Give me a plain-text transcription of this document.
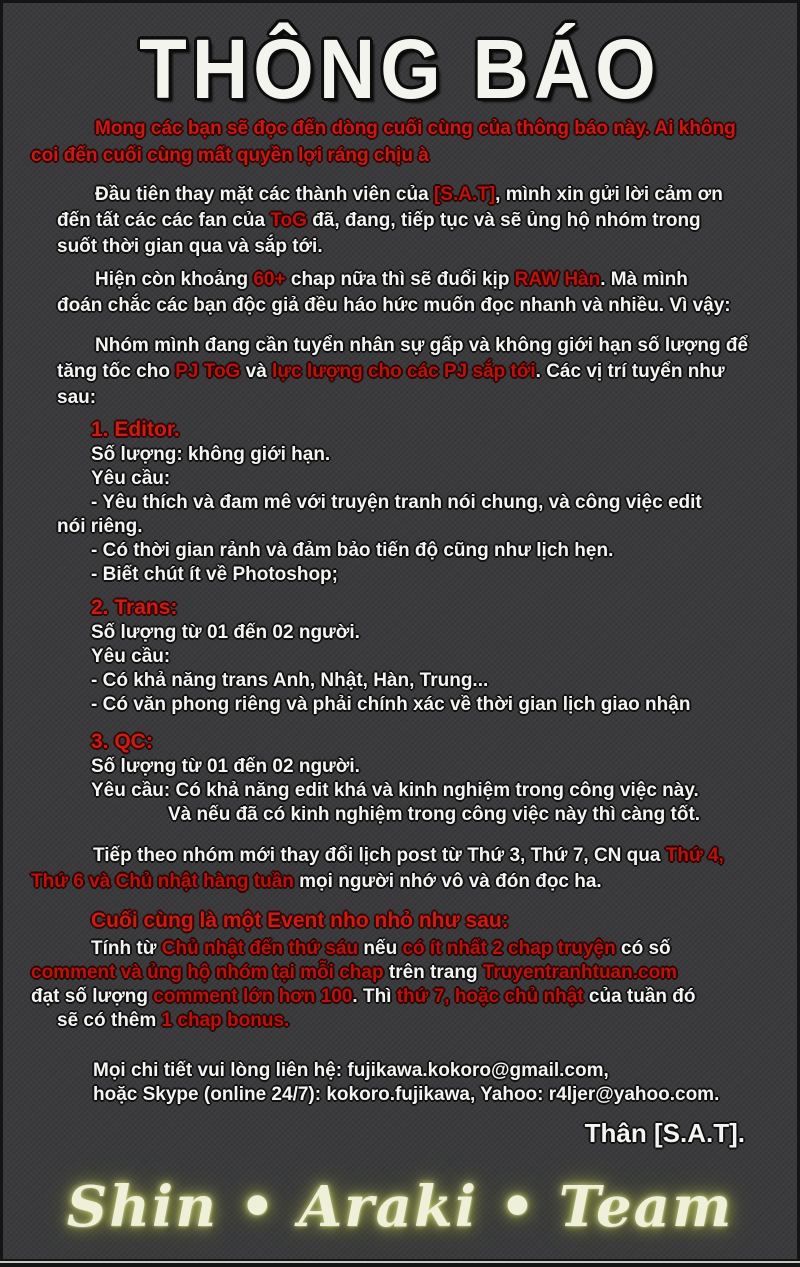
THÔNG BÁO
Mong các bạn sẽ đọc đến dòng cuối cùng của thông báo này. Ai không
coi đến cuối cùng mất quyền lợi ráng chịu à
Đầu tiên thay mặt các thành viên của [S.A.T], mình xin gửi lời cảm ơn
đến tất các các fan của ToG đã, đang, tiếp tục và sẽ ủng hộ nhóm trong
suốt thời gian qua và sắp tới.
Hiện còn khoảng 60+ chap nữa thì sẽ đuổi kịp RAW Hàn. Mà mình
đoán chắc các bạn độc giả đều háo hức muốn đọc nhanh và nhiều. Vì vậy:
Nhóm mình đang cần tuyển nhân sự gấp và không giới hạn số lượng để
tăng tốc cho PJ ToG và lực lượng cho các PJ sắp tới. Các vị trí tuyển như
sau:
1. Editor.
Số lượng: không giới hạn.
Yêu cầu:
- Yêu thích và đam mê với truyện tranh nói chung, và công việc edit
nói riêng.
- Có thời gian rảnh và đảm bảo tiến độ cũng như lịch hẹn.
- Biết chút ít về Photoshop;
2. Trans:
Số lượng từ 01 đến 02 người.
Yêu cầu:
- Có khả năng trans Anh, Nhật, Hàn, Trung...
- Có văn phong riêng và phải chính xác về thời gian lịch giao nhận
3. QC:
Số lượng từ 01 đến 02 người.
Yêu cầu: Có khả năng edit khá và kinh nghiệm trong công việc này.
Và nếu đã có kinh nghiệm trong công việc này thì càng tốt.
Tiếp theo nhóm mới thay đổi lịch post từ Thứ 3, Thứ 7, CN qua Thứ 4,
Thứ 6 và Chủ nhật hàng tuần mọi người nhớ vô và đón đọc ha.
Cuối cùng là một Event nho nhỏ như sau:
Tính từ Chủ nhật đến thứ sáu nếu có ít nhất 2 chap truyện có số
comment và ủng hộ nhóm tại mỗi chap trên trang Truyentranhtuan.com
đạt số lượng comment lớn hơn 100. Thì thứ 7, hoặc chủ nhật của tuần đó
sẽ có thêm 1 chap bonus.
Mọi chi tiết vui lòng liên hệ: fujikawa.kokoro@gmail.com,
hoặc Skype (online 24/7): kokoro.fujikawa, Yahoo: r4ljer@yahoo.com.
Thân [S.A.T].
Shin • Araki • Team
